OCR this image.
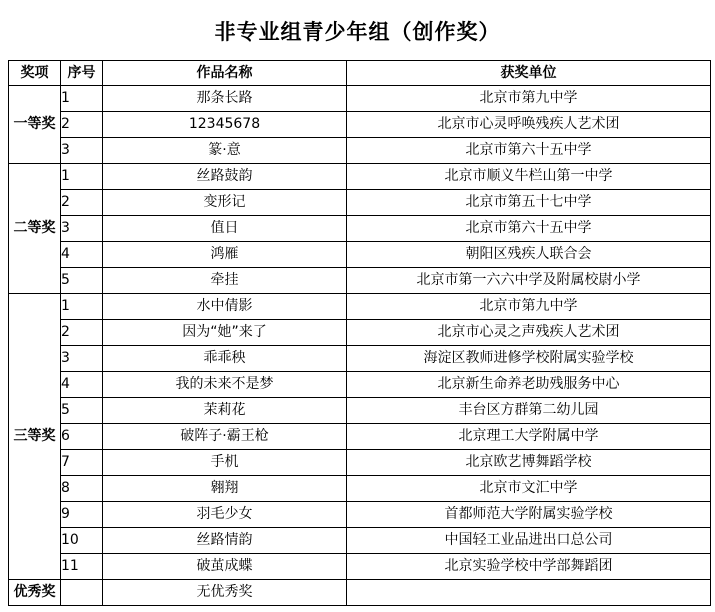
非专业组青少年组（创作奖）
奖项	序号	作品名称	获奖单位
一等奖	1	那条长路	北京市第九中学
	2	12345678	北京市心灵呼唤残疾人艺术团
	3	篆·意	北京市第六十五中学
二等奖	1	丝路鼓韵	北京市顺义牛栏山第一中学
	2	变形记	北京市第五十七中学
	3	值日	北京市第六十五中学
	4	鸿雁	朝阳区残疾人联合会
	5	牵挂	北京市第一六六中学及附属校尉小学
三等奖	1	水中倩影	北京市第九中学
	2	因为“她”来了	北京市心灵之声残疾人艺术团
	3	乖乖秧	海淀区教师进修学校附属实验学校
	4	我的未来不是梦	北京新生命养老助残服务中心
	5	茉莉花	丰台区方群第二幼儿园
	6	破阵子·霸王枪	北京理工大学附属中学
	7	手机	北京欧艺博舞蹈学校
	8	翱翔	北京市文汇中学
	9	羽毛少女	首都师范大学附属实验学校
	10	丝路情韵	中国轻工业品进出口总公司
	11	破茧成蝶	北京实验学校中学部舞蹈团
优秀奖		无优秀奖	
